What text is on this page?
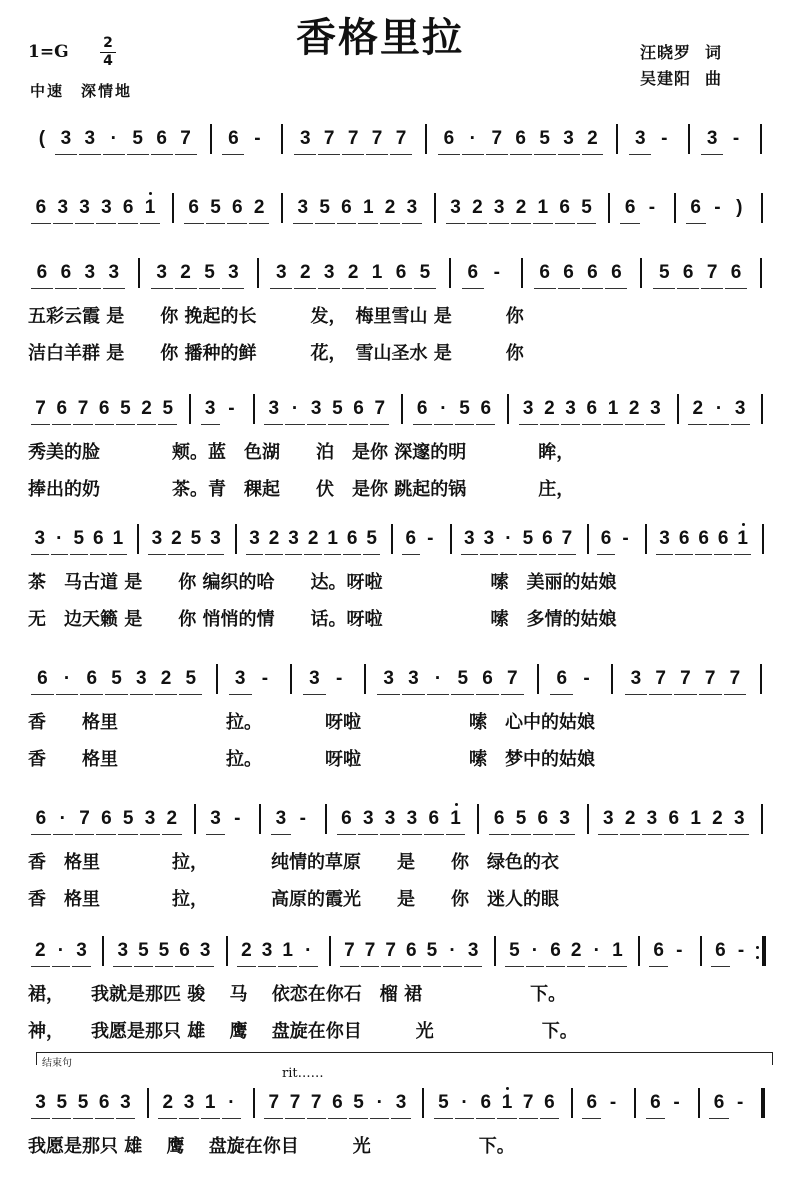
香格里拉
1=G 2
4
中速　深情地
汪晓罗 词
吴建阳 曲
( 3 3 · 5 6 7 6 - 3 7 7 7 7 6 · 7 6 5 3 2 3 - 3 -
6 3 3 3 6 1 6 5 6 2 3 5 6 1 2 3 3 2 3 2 1 6 5 6 - 6 - )
6 6 3 3 3 2 5 3 3 2 3 2 1 6 5 6 - 6 6 6 6 5 6 7 6
五彩云霞 是　　你 挽起的长　　　发，　梅里雪山 是　　　你
洁白羊群 是　　你 播种的鲜　　　花，　雪山圣水 是　　　你
7 6 7 6 5 2 5 3 - 3 · 3 5 6 7 6 · 5 6 3 2 3 6 1 2 3 2 · 3
秀美的脸　　　　颊。蓝　色湖　　泊　是你 深邃的明　　　　眸，
捧出的奶　　　　茶。青　稞起　　伏　是你 跳起的锅　　　　庄，
3 · 5 6 1 3 2 5 3 3 2 3 2 1 6 5 6 - 3 3 · 5 6 7 6 - 3 6 6 6 1
茶　马古道 是　　你 编织的哈　　达。呀啦　　　　　　嗦　美丽的姑娘
无　边天籁 是　　你 悄悄的情　　话。呀啦　　　　　　嗦　多情的姑娘
6 · 6 5 3 2 5 3 - 3 - 3 3 · 5 6 7 6 - 3 7 7 7 7
香　　格里　　　　　　拉。　　　　呀啦　　　　　　嗦　心中的姑娘
香　　格里　　　　　　拉。　　　　呀啦　　　　　　嗦　梦中的姑娘
6 · 7 6 5 3 2 3 - 3 - 6 3 3 3 6 1 6 5 6 3 3 2 3 6 1 2 3
香　格里　　　　拉，　　　　纯情的草原　　是　　你　绿色的衣
香　格里　　　　拉，　　　　高原的霞光　　是　　你　迷人的眼
2 · 3 3 5 5 6 3 2 3 1 · 7 7 7 6 5 · 3 5 · 6 2 · 1 6 - 6 -
裙，　　我就是那匹 骏　 马　 依恋在你石　榴 裙　　　　　　下。
神，　　我愿是那只 雄　 鹰　 盘旋在你目　　　光　　　　　　下。
3 5 5 6 3 2 3 1 · 7 7 7 6 5 · 3 5 · 6 1 7 6 6 - 6 - 6 -
我愿是那只 雄　 鹰　 盘旋在你目　　　光　　　　　　下。
结束句
rit……
